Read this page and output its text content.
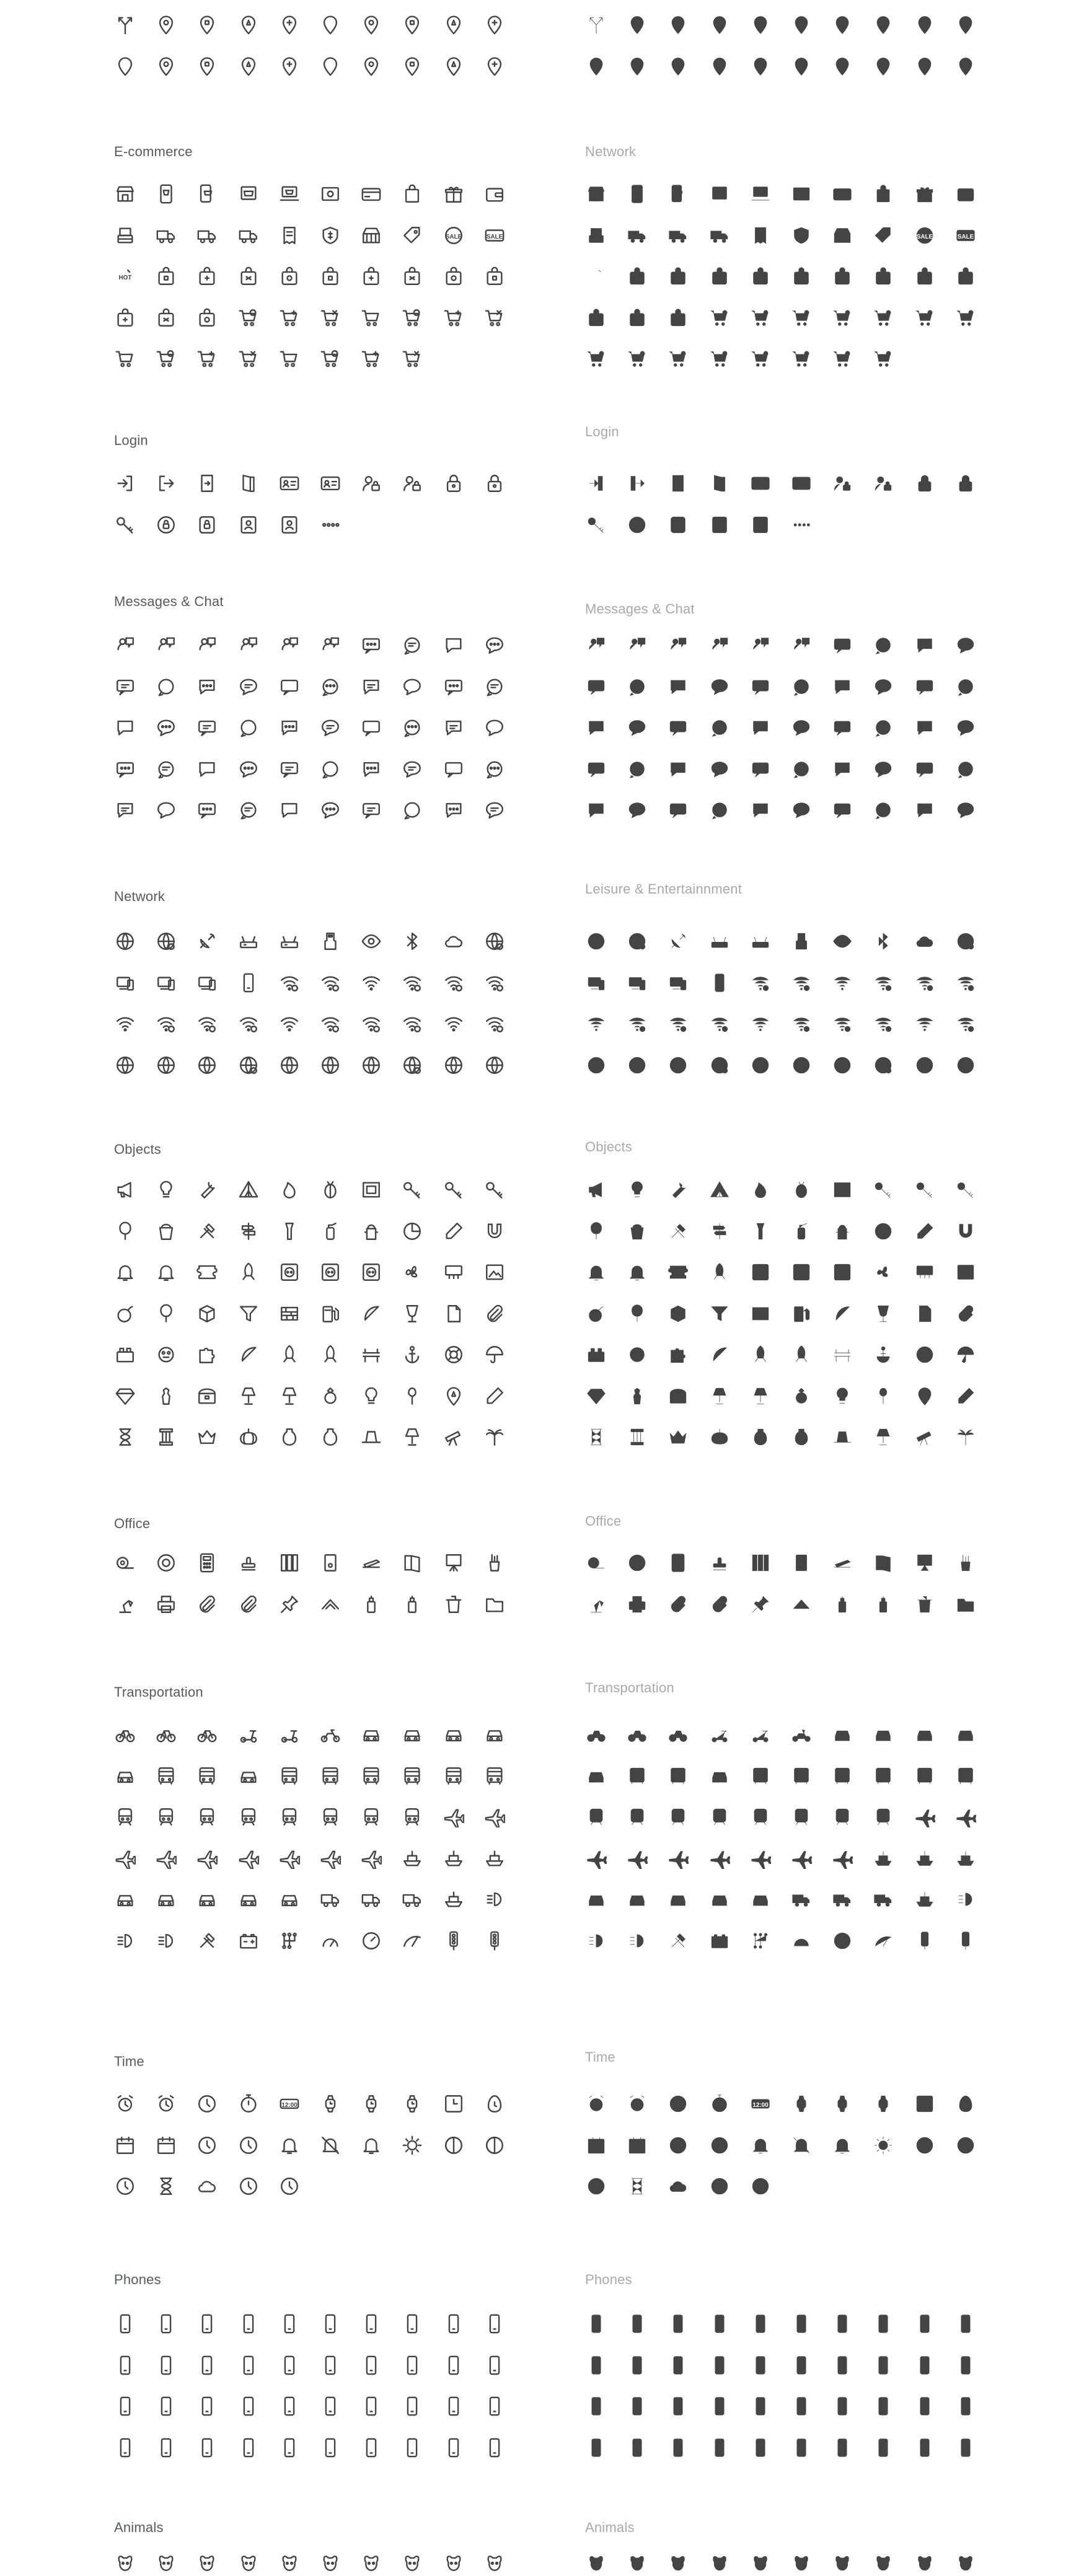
E-commerce
SALE	SALE
HOT
Login
Messages & Chat
Network
Objects
Office
Transportation
Time
12:00
Phones
Animals
Network
SALE	SALE
HOT
Login
Messages & Chat
Leisure & Entertainnment
Objects
Office
Transportation
Time
12:00
Phones
Animals
